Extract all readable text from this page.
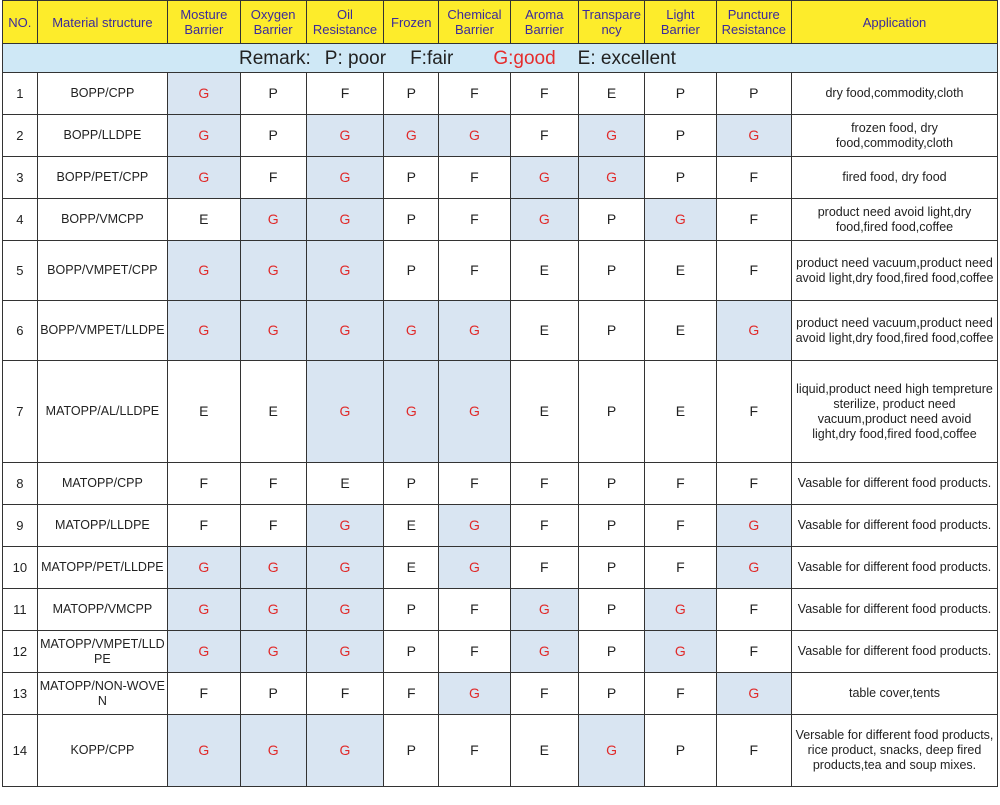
NO.	Material structure	Mosture Barrier	Oxygen Barrier	Oil Resistance	Frozen	Chemical Barrier	Aroma Barrier	Transparency	Light Barrier	Puncture Resistance	Application

Remark: P: poor F:fair G:good E: excellent											

1	BOPP/CPP	G	P	F	P	F	F	E	P	P	dry food,commodity,cloth
2	BOPP/LLDPE	G	P	G	G	G	F	G	P	G	frozen food, dry food,commodity,cloth
3	BOPP/PET/CPP	G	F	G	P	F	G	G	P	F	fired food, dry food
4	BOPP/VMCPP	E	G	G	P	F	G	P	G	F	product need avoid light,dry food,fired food,coffee
5	BOPP/VMPET/CPP	G	G	G	P	F	E	P	E	F	product need vacuum,product need avoid light,dry food,fired food,coffee
6	BOPP/VMPET/LLDPE	G	G	G	G	G	E	P	E	G	product need vacuum,product need avoid light,dry food,fired food,coffee
7	MATOPP/AL/LLDPE	E	E	G	G	G	E	P	E	F	liquid,product need high tempreture sterilize, product need vacuum,product need avoid light,dry food,fired food,coffee
8	MATOPP/CPP	F	F	E	P	F	F	P	F	F	Vasable for different food products.
9	MATOPP/LLDPE	F	F	G	E	G	F	P	F	G	Vasable for different food products.
10	MATOPP/PET/LLDPE	G	G	G	E	G	F	P	F	G	Vasable for different food products.
11	MATOPP/VMCPP	G	G	G	P	F	G	P	G	F	Vasable for different food products.
12	MATOPP/VMPET/LLDPE	G	G	G	P	F	G	P	G	F	Vasable for different food products.
13	MATOPP/NON-WOVEN	F	P	F	F	G	F	P	F	G	table cover,tents
14	KOPP/CPP	G	G	G	P	F	E	G	P	F	Versable for different food products, rice product, snacks, deep fired products,tea and soup mixes.
